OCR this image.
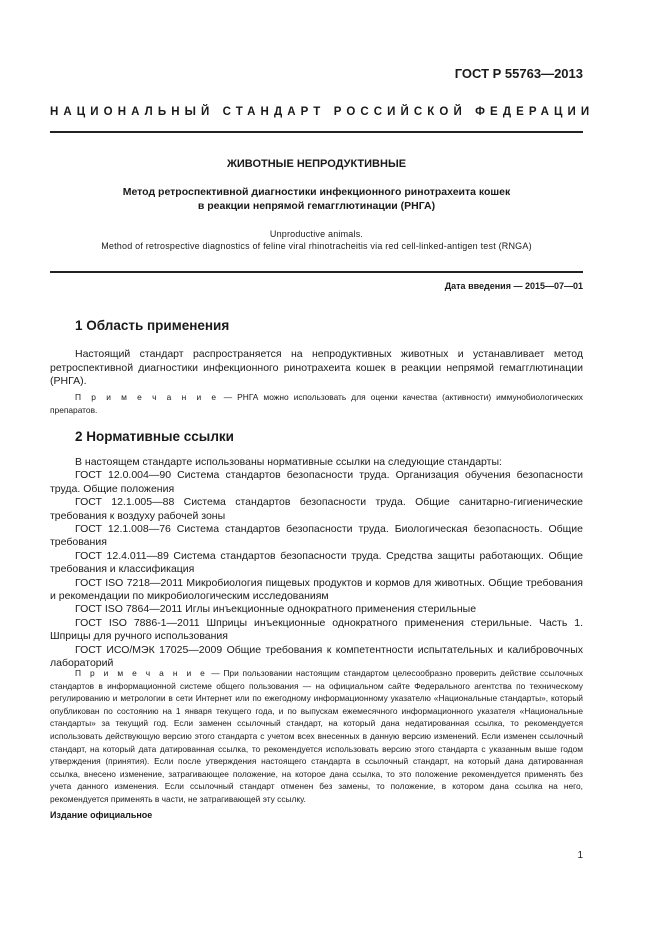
ГОСТ Р 55763—2013
НАЦИОНАЛЬНЫЙ СТАНДАРТ РОССИЙСКОЙ ФЕДЕРАЦИИ
ЖИВОТНЫЕ НЕПРОДУКТИВНЫЕ
Метод ретроспективной диагностики инфекционного ринотрахеита кошек
в реакции непрямой гемагглютинации (РНГА)
Unproductive animals.
Method of retrospective diagnostics of feline viral rhinotracheitis via red cell-linked-antigen test (RNGA)
Дата введения — 2015—07—01
1 Область применения
Настоящий стандарт распространяется на непродуктивных животных и устанавливает метод ретроспективной диагностики инфекционного ринотрахеита кошек в реакции непрямой гемагглютинации (РНГА).
П р и м е ч а н и е — РНГА можно использовать для оценки качества (активности) иммунобиологических препаратов.
2 Нормативные ссылки
В настоящем стандарте использованы нормативные ссылки на следующие стандарты:
ГОСТ 12.0.004—90 Система стандартов безопасности труда. Организация обучения безопасности труда. Общие положения
ГОСТ 12.1.005—88 Система стандартов безопасности труда. Общие санитарно-гигиенические требования к воздуху рабочей зоны
ГОСТ 12.1.008—76 Система стандартов безопасности труда. Биологическая безопасность. Общие требования
ГОСТ 12.4.011—89 Система стандартов безопасности труда. Средства защиты работающих. Общие требования и классификация
ГОСТ ISO 7218—2011 Микробиология пищевых продуктов и кормов для животных. Общие требования и рекомендации по микробиологическим исследованиям
ГОСТ ISO 7864—2011 Иглы инъекционные однократного применения стерильные
ГОСТ ISO 7886-1—2011 Шприцы инъекционные однократного применения стерильные. Часть 1. Шприцы для ручного использования
ГОСТ ИСО/МЭК 17025—2009 Общие требования к компетентности испытательных и калибровочных лабораторий
П р и м е ч а н и е — При пользовании настоящим стандартом целесообразно проверить действие ссылочных стандартов в информационной системе общего пользования — на официальном сайте Федерального агентства по техническому регулированию и метрологии в сети Интернет или по ежегодному информационному указателю «Национальные стандарты», который опубликован по состоянию на 1 января текущего года, и по выпускам ежемесячного информационного указателя «Национальные стандарты» за текущий год. Если заменен ссылочный стандарт, на который дана недатированная ссылка, то рекомендуется использовать действующую версию этого стандарта с учетом всех внесенных в данную версию изменений. Если изменен ссылочный стандарт, на который дата датированная ссылка, то рекомендуется использовать версию этого стандарта с указанным выше годом утверждения (принятия). Если после утверждения настоящего стандарта в ссылочный стандарт, на который дана датированная ссылка, внесено изменение, затрагивающее положение, на которое дана ссылка, то это положение рекомендуется применять без учета данного изменения. Если ссылочный стандарт отменен без замены, то положение, в котором дана ссылка на него, рекомендуется применять в части, не затрагивающей эту ссылку.
Издание официальное
1
